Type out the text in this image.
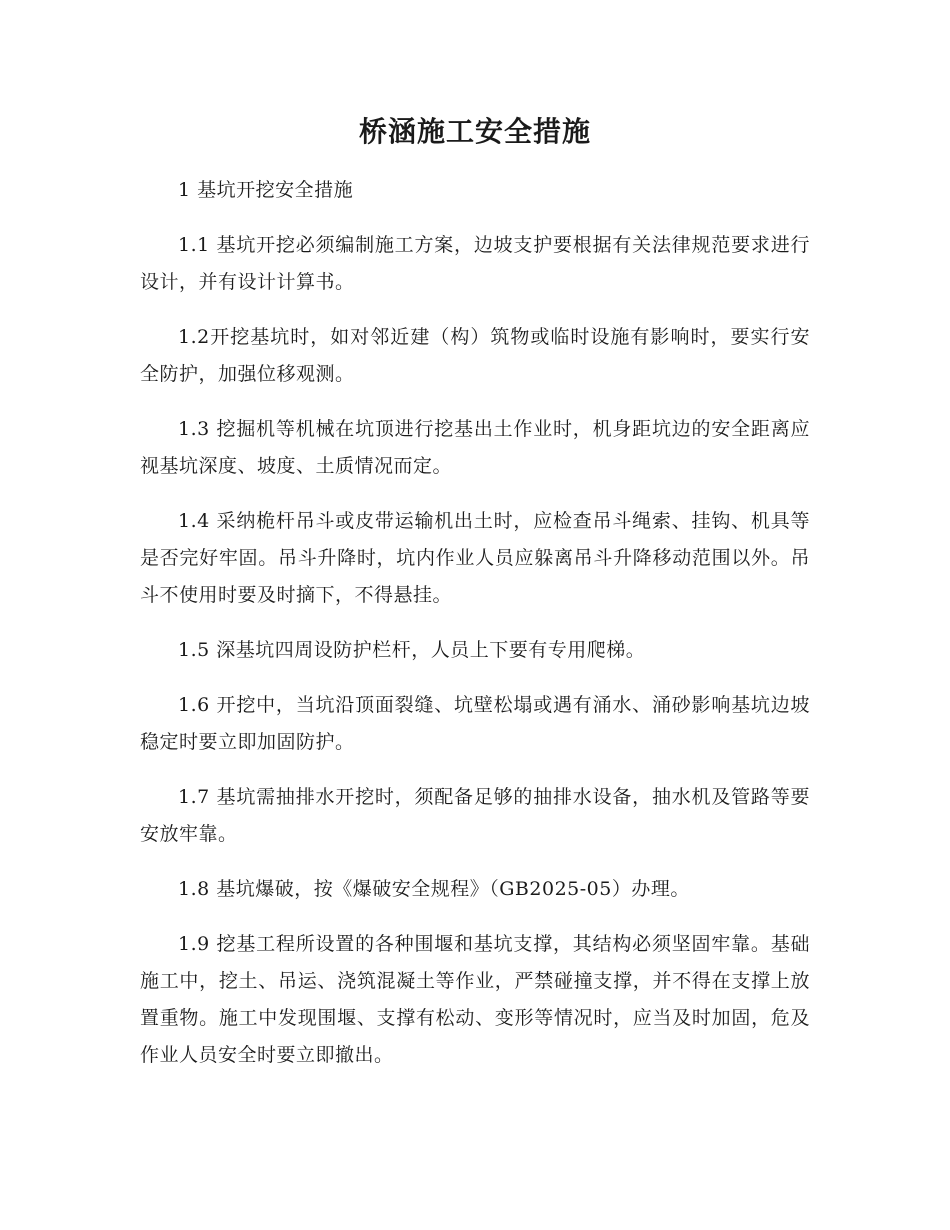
桥涵施工安全措施

1 基坑开挖安全措施

1.1 基坑开挖必须编制施工方案，边坡支护要根据有关法律规范要求进行设计，并有设计计算书。

1.2开挖基坑时，如对邻近建（构）筑物或临时设施有影响时，要实行安全防护，加强位移观测。

1.3 挖掘机等机械在坑顶进行挖基出土作业时，机身距坑边的安全距离应视基坑深度、坡度、土质情况而定。

1.4 采纳桅杆吊斗或皮带运输机出土时，应检查吊斗绳索、挂钩、机具等是否完好牢固。吊斗升降时，坑内作业人员应躲离吊斗升降移动范围以外。吊斗不使用时要及时摘下，不得悬挂。

1.5 深基坑四周设防护栏杆，人员上下要有专用爬梯。

1.6 开挖中，当坑沿顶面裂缝、坑壁松塌或遇有涌水、涌砂影响基坑边坡稳定时要立即加固防护。

1.7 基坑需抽排水开挖时，须配备足够的抽排水设备，抽水机及管路等要安放牢靠。

1.8 基坑爆破，按《爆破安全规程》（GB2025-05）办理。

1.9 挖基工程所设置的各种围堰和基坑支撑，其结构必须坚固牢靠。基础施工中，挖土、吊运、浇筑混凝土等作业，严禁碰撞支撑，并不得在支撑上放置重物。施工中发现围堰、支撑有松动、变形等情况时，应当及时加固，危及作业人员安全时要立即撤出。
